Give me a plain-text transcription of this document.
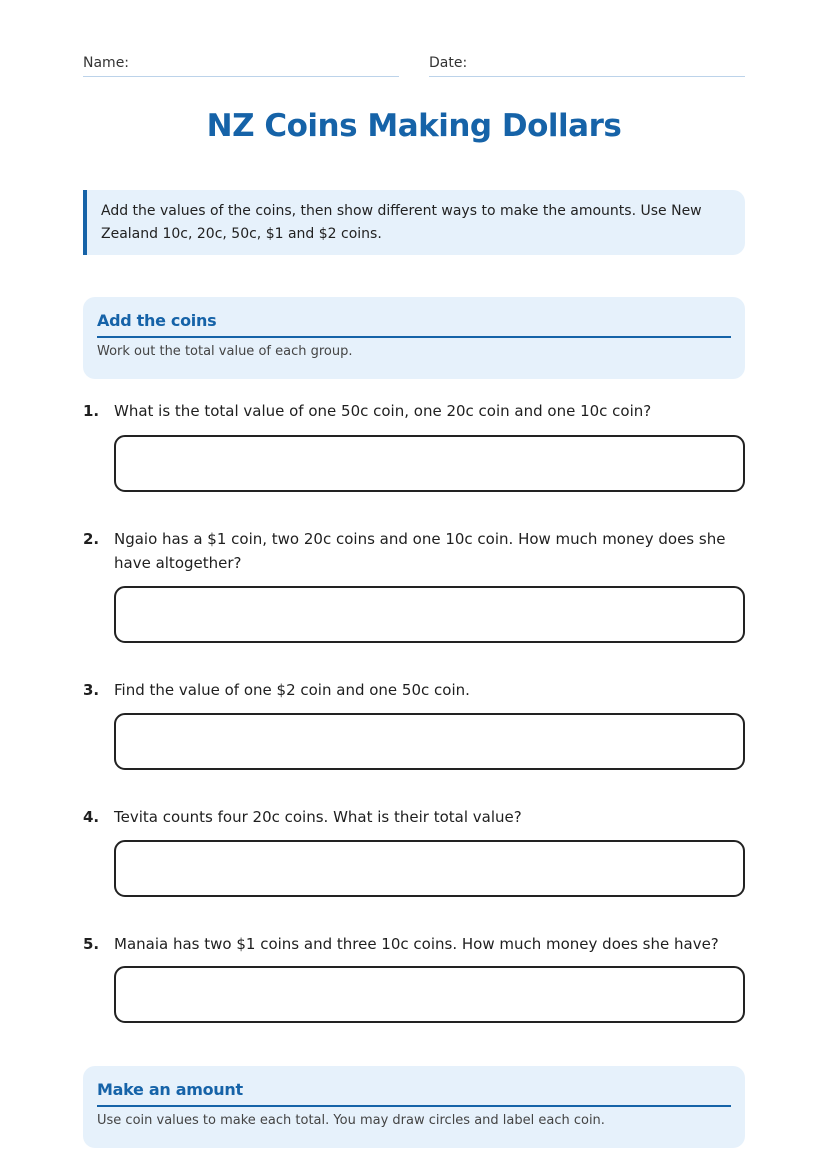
Name:	Date:
NZ Coins Making Dollars
Add the values of the coins, then show different ways to make the amounts. Use New Zealand 10c, 20c, 50c, $1 and $2 coins.
Add the coins
Work out the total value of each group.
1. What is the total value of one 50c coin, one 20c coin and one 10c coin?
2. Ngaio has a $1 coin, two 20c coins and one 10c coin. How much money does she have altogether?
3. Find the value of one $2 coin and one 50c coin.
4. Tevita counts four 20c coins. What is their total value?
5. Manaia has two $1 coins and three 10c coins. How much money does she have?
Make an amount
Use coin values to make each total. You may draw circles and label each coin.
